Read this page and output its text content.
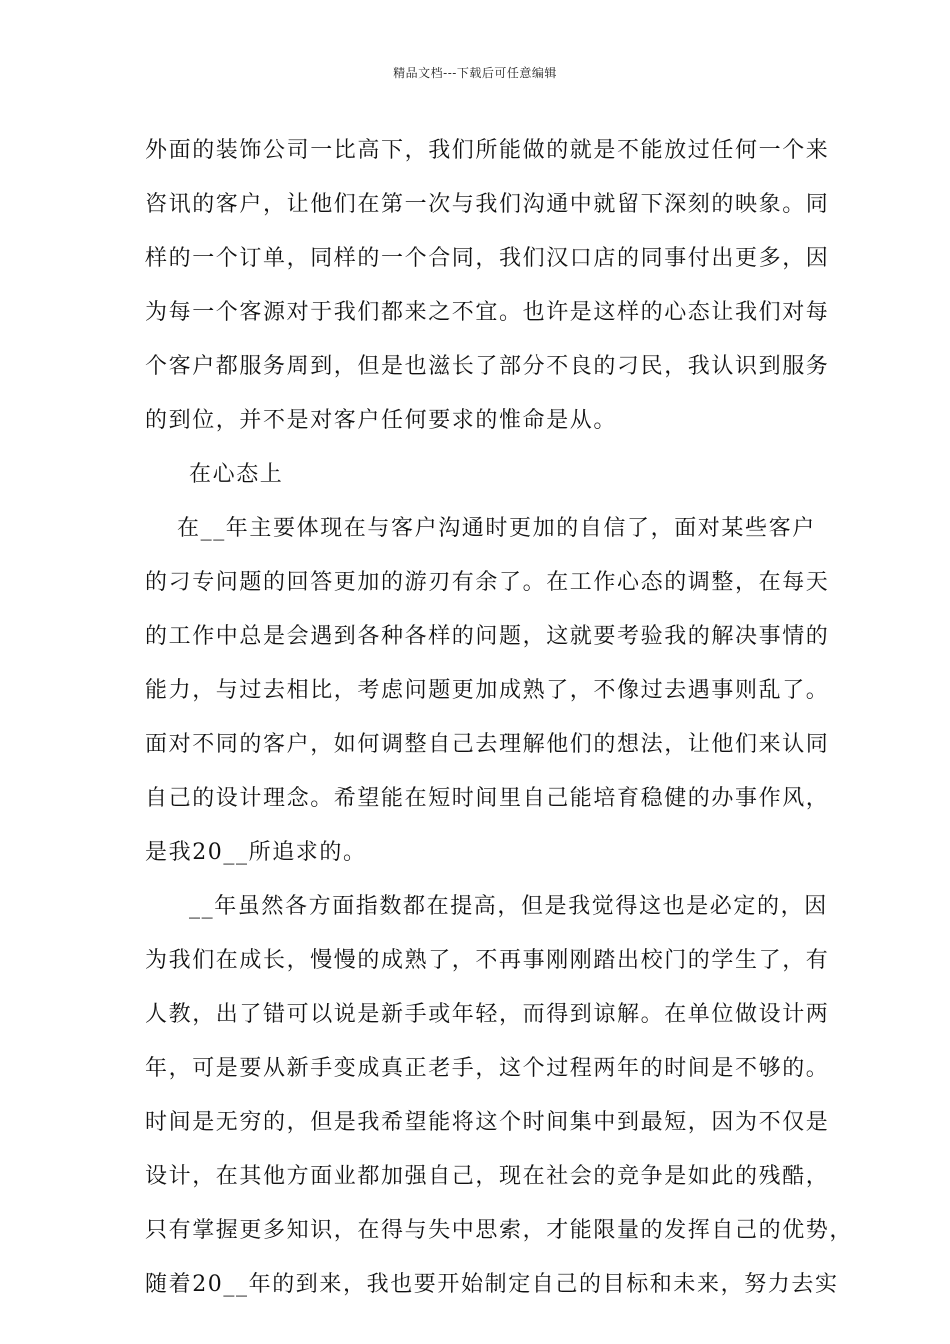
精品文档---下载后可任意编辑
外面的装饰公司一比高下，我们所能做的就是不能放过任何一个来
咨讯的客户，让他们在第一次与我们沟通中就留下深刻的映象。同
样的一个订单，同样的一个合同，我们汉口店的同事付出更多，因
为每一个客源对于我们都来之不宜。也许是这样的心态让我们对每
个客户都服务周到，但是也滋长了部分不良的刁民，我认识到服务
的到位，并不是对客户任何要求的惟命是从。
在心态上
在__年主要体现在与客户沟通时更加的自信了，面对某些客户
的刁专问题的回答更加的游刃有余了。在工作心态的调整，在每天
的工作中总是会遇到各种各样的问题，这就要考验我的解决事情的
能力，与过去相比，考虑问题更加成熟了，不像过去遇事则乱了。
面对不同的客户，如何调整自己去理解他们的想法，让他们来认同
自己的设计理念。希望能在短时间里自己能培育稳健的办事作风，
是我20__所追求的。
__年虽然各方面指数都在提高，但是我觉得这也是必定的，因
为我们在成长，慢慢的成熟了，不再事刚刚踏出校门的学生了，有
人教，出了错可以说是新手或年轻，而得到谅解。在单位做设计两
年，可是要从新手变成真正老手，这个过程两年的时间是不够的。
时间是无穷的，但是我希望能将这个时间集中到最短，因为不仅是
设计，在其他方面业都加强自己，现在社会的竞争是如此的残酷，
只有掌握更多知识，在得与失中思索，才能限量的发挥自己的优势，
随着20__年的到来，我也要开始制定自己的目标和未来，努力去实
